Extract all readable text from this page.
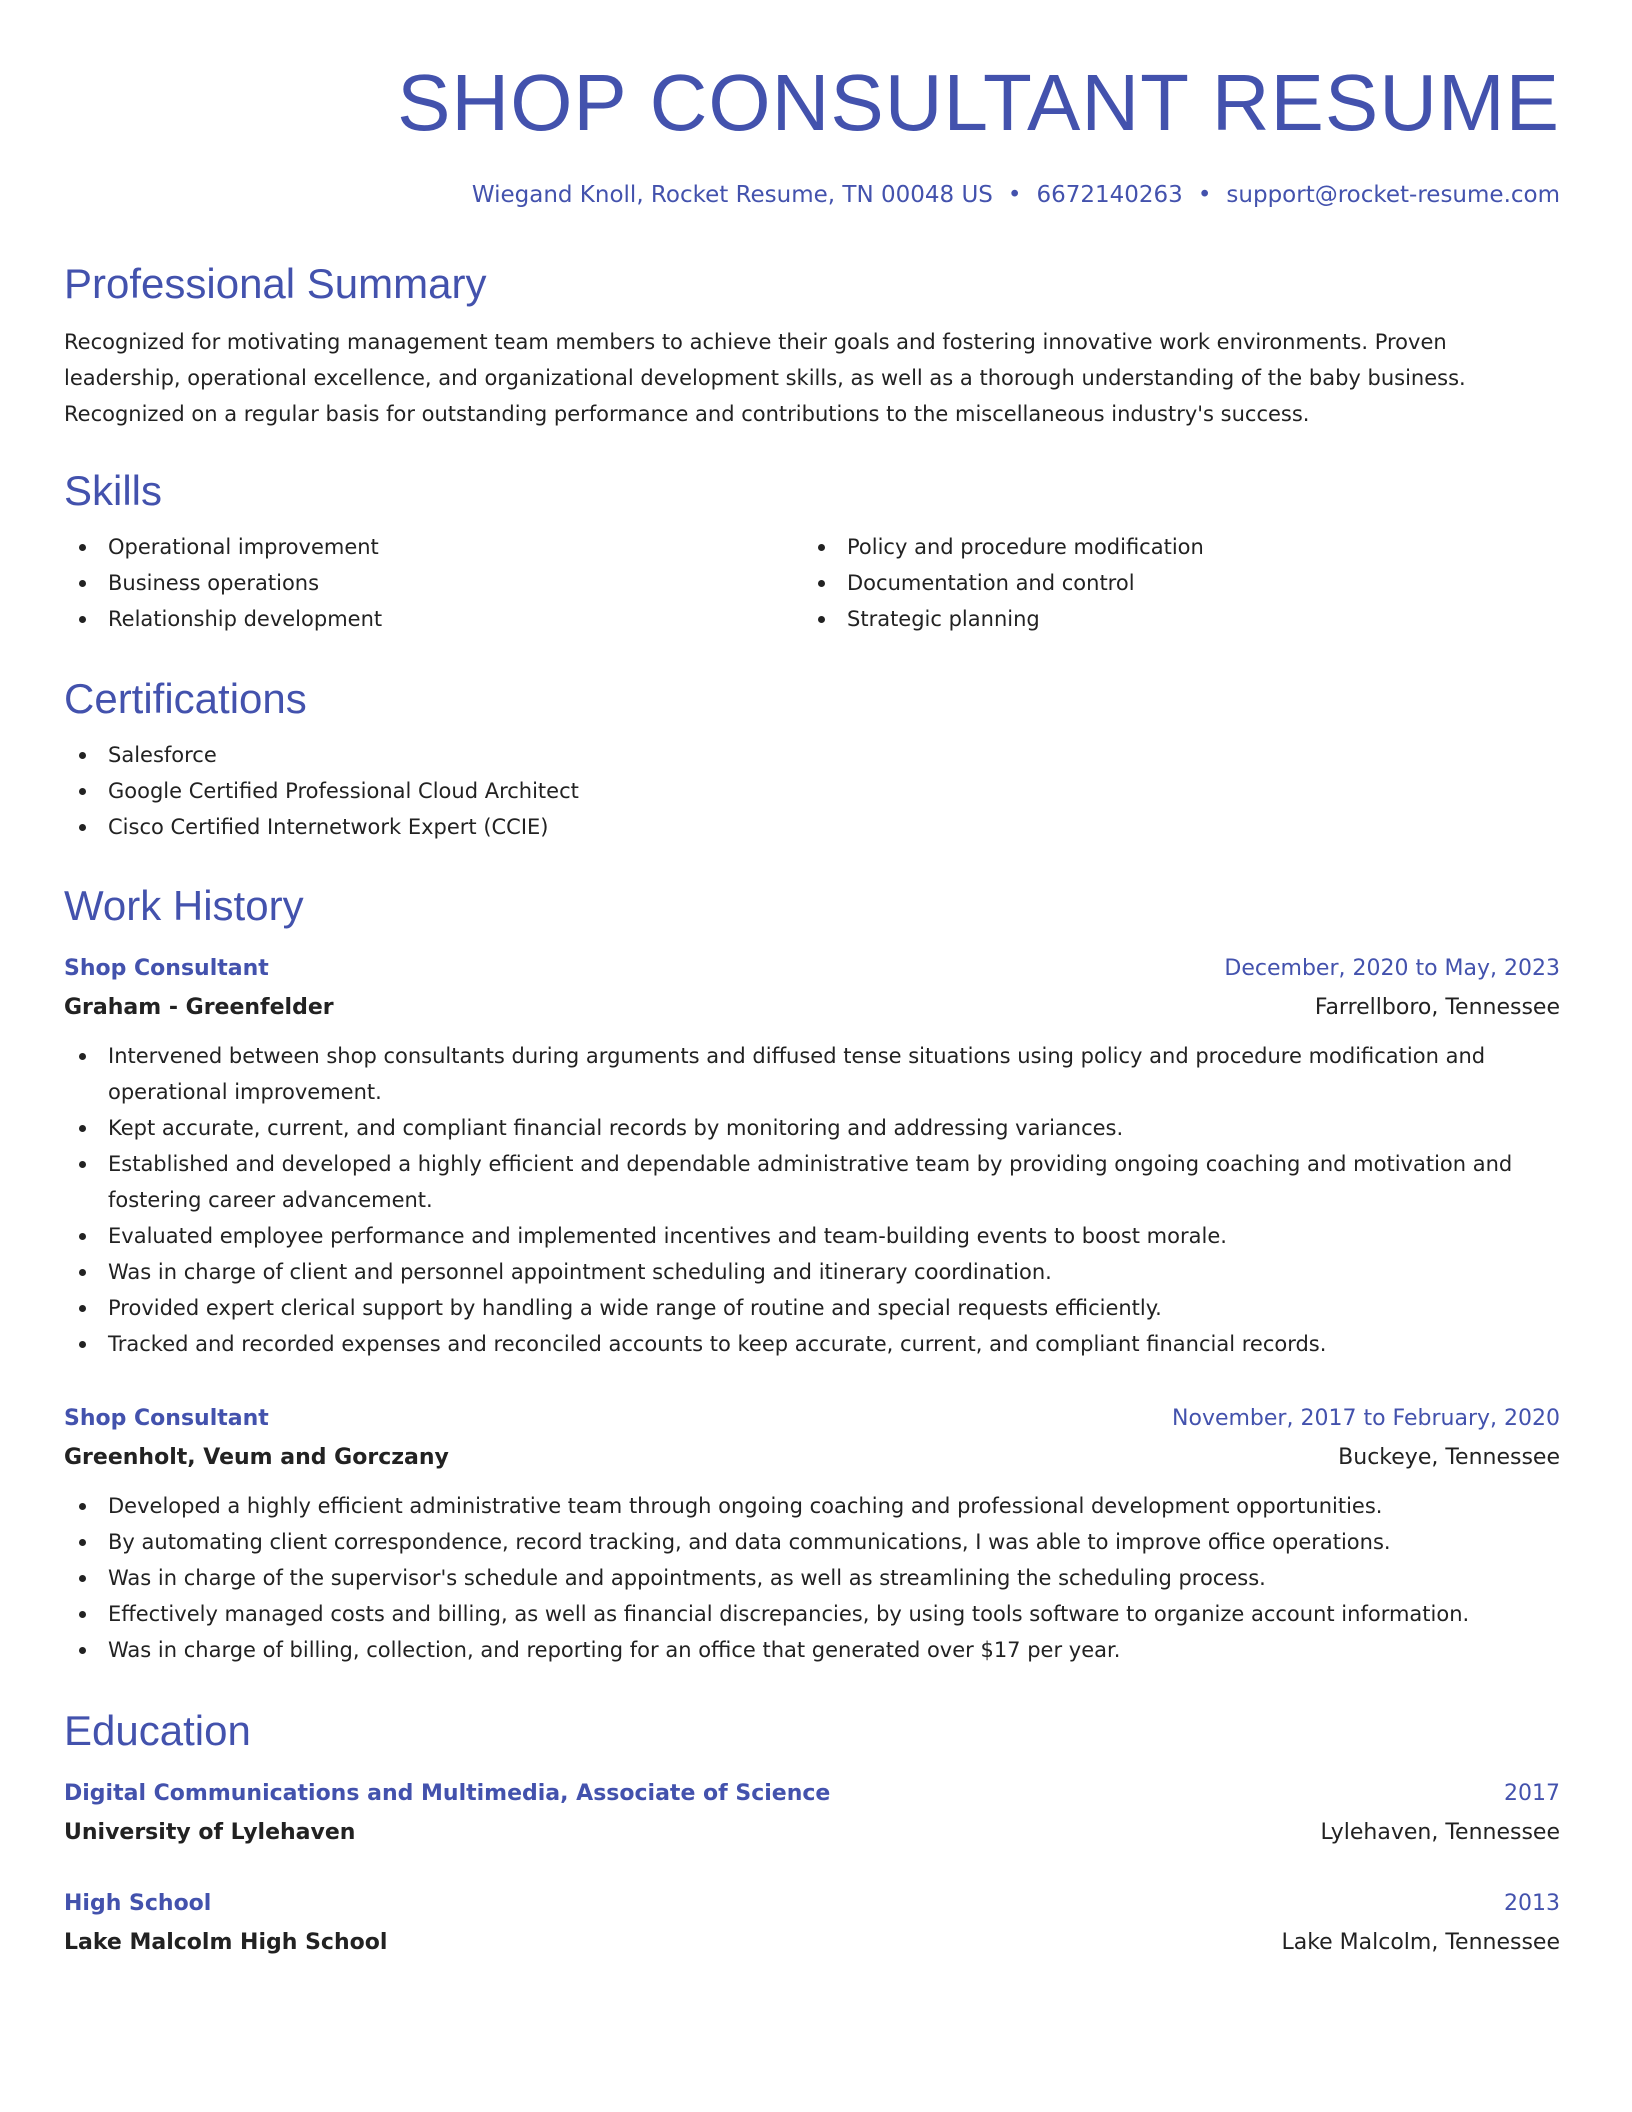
SHOP CONSULTANT RESUME
Wiegand Knoll, Rocket Resume, TN 00048 US • 6672140263 • support@rocket-resume.com
Professional Summary

Recognized for motivating management team members to achieve their goals and fostering innovative work environments. Proven leadership, operational excellence, and organizational development skills, as well as a thorough understanding of the baby business. Recognized on a regular basis for outstanding performance and contributions to the miscellaneous industry's success.

Skills
Operational improvement
Business operations
Relationship development
Policy and procedure modification
Documentation and control
Strategic planning
Certifications
Salesforce
Google Certified Professional Cloud Architect
Cisco Certified Internetwork Expert (CCIE)
Work History
Shop Consultant	December, 2020 to May, 2023
Graham - Greenfelder	Farrellboro, Tennessee
Intervened between shop consultants during arguments and diffused tense situations using policy and procedure modification and operational improvement.
Kept accurate, current, and compliant financial records by monitoring and addressing variances.
Established and developed a highly efficient and dependable administrative team by providing ongoing coaching and motivation and fostering career advancement.
Evaluated employee performance and implemented incentives and team-building events to boost morale.
Was in charge of client and personnel appointment scheduling and itinerary coordination.
Provided expert clerical support by handling a wide range of routine and special requests efficiently.
Tracked and recorded expenses and reconciled accounts to keep accurate, current, and compliant financial records.
Shop Consultant	November, 2017 to February, 2020
Greenholt, Veum and Gorczany	Buckeye, Tennessee
Developed a highly efficient administrative team through ongoing coaching and professional development opportunities.
By automating client correspondence, record tracking, and data communications, I was able to improve office operations.
Was in charge of the supervisor's schedule and appointments, as well as streamlining the scheduling process.
Effectively managed costs and billing, as well as financial discrepancies, by using tools software to organize account information.
Was in charge of billing, collection, and reporting for an office that generated over $17 per year.
Education
Digital Communications and Multimedia, Associate of Science	2017
University of Lylehaven	Lylehaven, Tennessee
High School	2013
Lake Malcolm High School	Lake Malcolm, Tennessee
